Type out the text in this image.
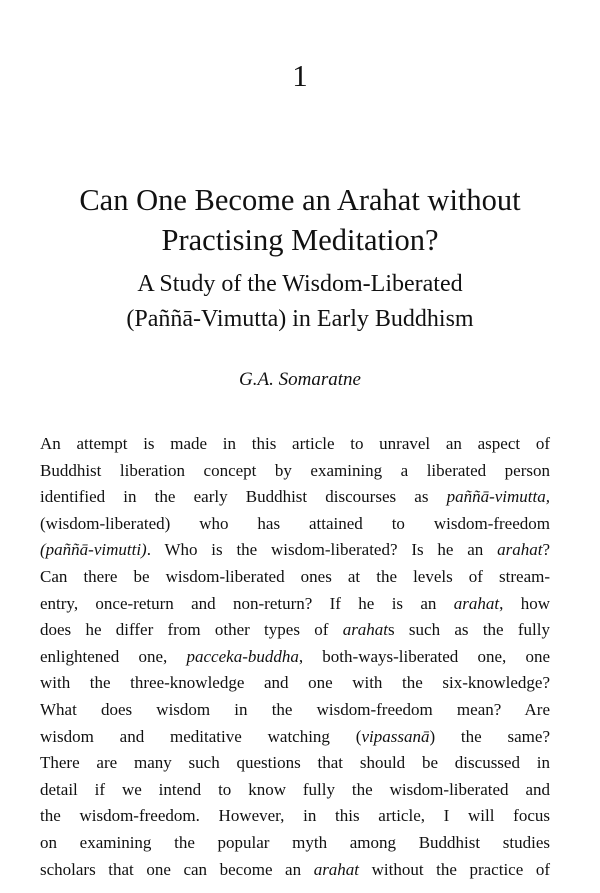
1
Can One Become an Arahat without
Practising Meditation?
A Study of the Wisdom-Liberated
(Paññā-Vimutta) in Early Buddhism
G.A. Somaratne
An attempt is made in this article to unravel an aspect of
Buddhist liberation concept by examining a liberated person
identified in the early Buddhist discourses as paññā-vimutta,
(wisdom-liberated) who has attained to wisdom-freedom
(paññā-vimutti). Who is the wisdom-liberated? Is he an arahat?
Can there be wisdom-liberated ones at the levels of stream-
entry, once-return and non-return? If he is an arahat, how
does he differ from other types of arahats such as the fully
enlightened one, pacceka-buddha, both-ways-liberated one, one
with the three-knowledge and one with the six-knowledge?
What does wisdom in the wisdom-freedom mean? Are
wisdom and meditative watching (vipassanā) the same?
There are many such questions that should be discussed in
detail if we intend to know fully the wisdom-liberated and
the wisdom-freedom. However, in this article, I will focus
on examining the popular myth among Buddhist studies
scholars that one can become an arahat without the practice of
